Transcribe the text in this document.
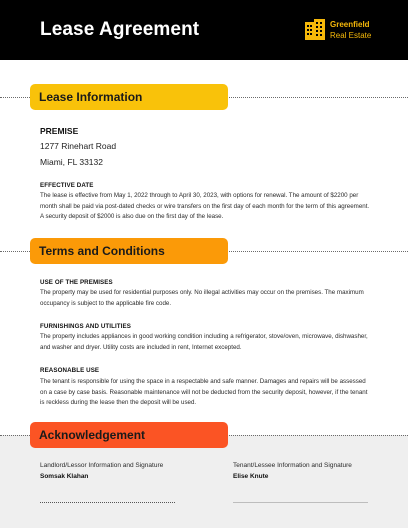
Lease Agreement	Greenfield
Real Estate
Lease Information
PREMISE
1277 Rinehart Road
Miami, FL 33132
EFFECTIVE DATE
The lease is effective from May 1, 2022 through to April 30, 2023, with options for renewal. The amount of $2200 per month shall be paid via post-dated checks or wire transfers on the first day of each month for the term of this agreement. A security deposit of $2000 is also due on the first day of the lease.
Terms and Conditions
USE OF THE PREMISES
The property may be used for residential purposes only. No illegal activities may occur on the premises. The maximum occupancy is subject to the applicable fire code.
FURNISHINGS AND UTILITIES
The property includes appliances in good working condition including a refrigerator, stove/oven, microwave, dishwasher, and washer and dryer. Utility costs are included in rent, Internet excepted.
REASONABLE USE
The tenant is responsible for using the space in a respectable and safe manner. Damages and repairs will be assessed on a case by case basis. Reasonable maintenance will not be deducted from the security deposit, however, if the tenant is reckless during the lease then the deposit will be used.
Acknowledgement
Landlord/Lessor Information and Signature
Somsak Klahan
Tenant/Lessee Information and Signature
Elise Knute
